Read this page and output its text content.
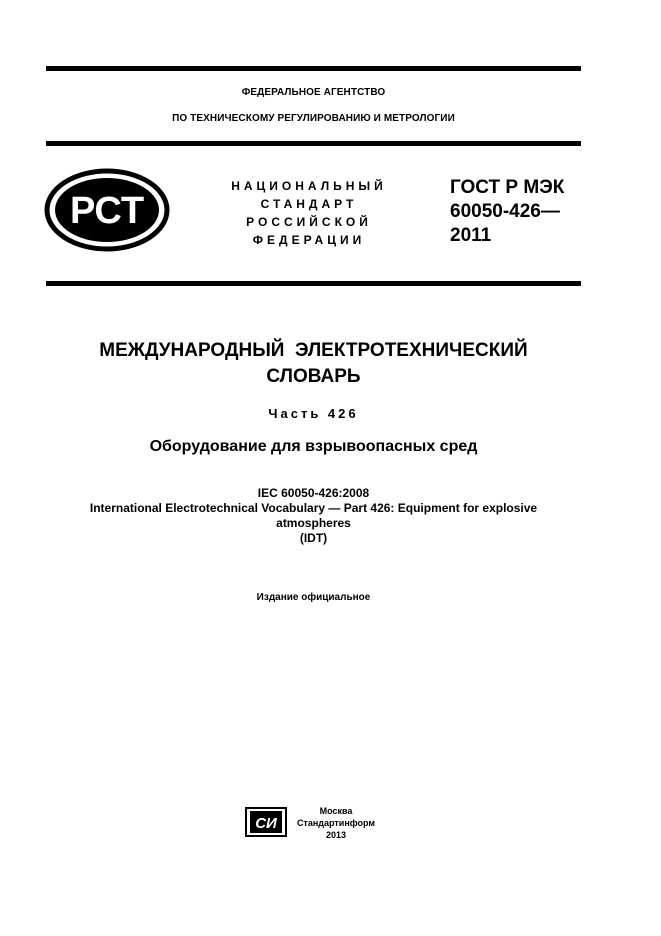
ФЕДЕРАЛЬНОЕ АГЕНТСТВО
ПО ТЕХНИЧЕСКОМУ РЕГУЛИРОВАНИЮ И МЕТРОЛОГИИ
РСТ
НАЦИОНАЛЬНЫЙ
СТАНДАРТ
РОССИЙСКОЙ
ФЕДЕРАЦИИ
ГОСТ Р МЭК
60050-426—
2011
МЕЖДУНАРОДНЫЙ  ЭЛЕКТРОТЕХНИЧЕСКИЙ
СЛОВАРЬ
Часть 426
Оборудование для взрывоопасных сред
IEC 60050-426:2008
International Electrotechnical Vocabulary — Part 426: Equipment for explosive
atmospheres
(IDT)
Издание официальное
СИ
Москва
Стандартинформ
2013
